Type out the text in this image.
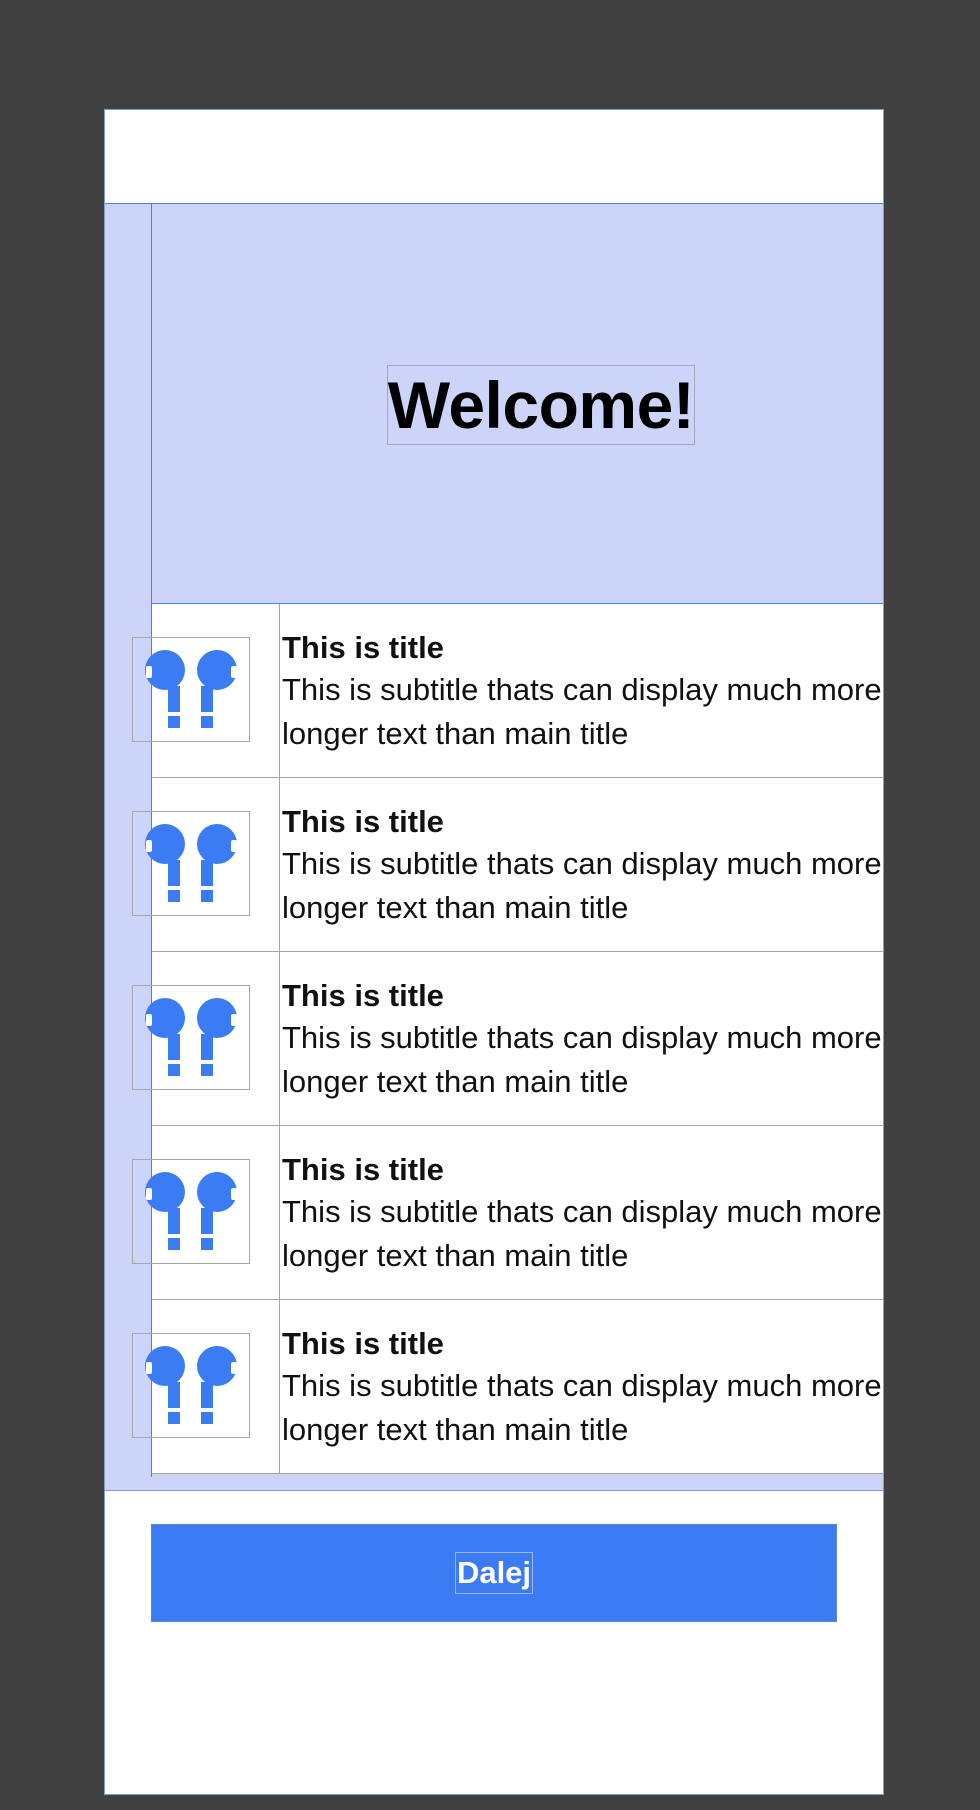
Welcome!
This is title
This is subtitle thats can display much more longer text than main title
This is title
This is subtitle thats can display much more longer text than main title
This is title
This is subtitle thats can display much more longer text than main title
This is title
This is subtitle thats can display much more longer text than main title
This is title
This is subtitle thats can display much more longer text than main title
Dalej
